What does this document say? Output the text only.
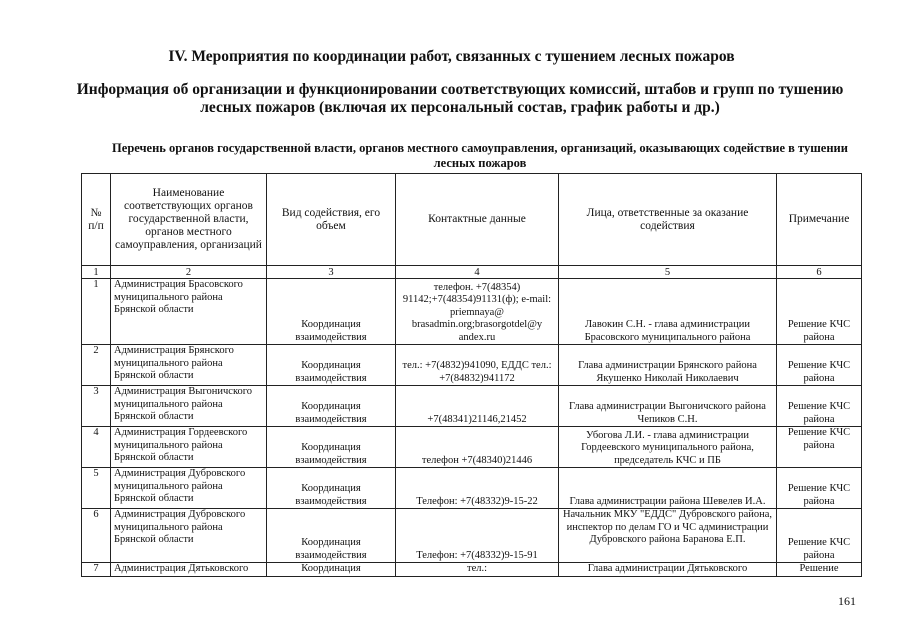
IV. Мероприятия по координации работ, связанных с тушением лесных пожаров
Информация об организации и функционировании соответствующих комиссий, штабов и групп по тушению лесных пожаров (включая их персональный состав, график работы и др.)
Перечень органов государственной власти, органов местного самоуправления, организаций, оказывающих содействие в тушении лесных пожаров
№ п/п	Наименование соответствующих органов государственной власти, органов местного самоуправления, организаций	Вид содействия, его объем	Контактные данные	Лица, ответственные за оказание содействия	Примечание
1	2	3	4	5	6
1	Администрация Брасовского муниципального района Брянской области	Координация взаимодействия	телефон. +7(48354) 91142;+7(48354)91131(ф); e-mail: priemnaya@ brasadmin.org;brasorgotdel@y andex.ru	Лавокин С.Н. - глава администрации Брасовского муниципального района	Решение КЧС района
2	Администрация Брянского муниципального района Брянской области	Координация взаимодействия	тел.: +7(4832)941090, ЕДДС тел.: +7(84832)941172	Глава администрации Брянского района Якушенко Николай Николаевич	Решение КЧС района
3	Администрация Выгоничского муниципального района Брянской области	Координация взаимодействия	+7(48341)21146,21452	Глава администрации Выгоничского района Чепиков С.Н.	Решение КЧС района
4	Администрация Гордеевского муниципального района Брянской области	Координация взаимодействия	телефон +7(48340)21446	Убогова Л.И. - глава администрации Гордеевского муниципального района, председатель КЧС и ПБ	Решение КЧС района
5	Администрация Дубровского муниципального района Брянской области	Координация взаимодействия	Телефон: +7(48332)9-15-22	Глава администрации района Шевелев И.А.	Решение КЧС района
6	Администрация Дубровского муниципального района Брянской области	Координация взаимодействия	Телефон: +7(48332)9-15-91	Начальник МКУ "ЕДДС" Дубровского района, инспектор по делам ГО и ЧС администрации Дубровского района Баранова Е.П.	Решение КЧС района
7	Администрация Дятьковского	Координация	тел.:	Глава администрации Дятьковского	Решение
161
